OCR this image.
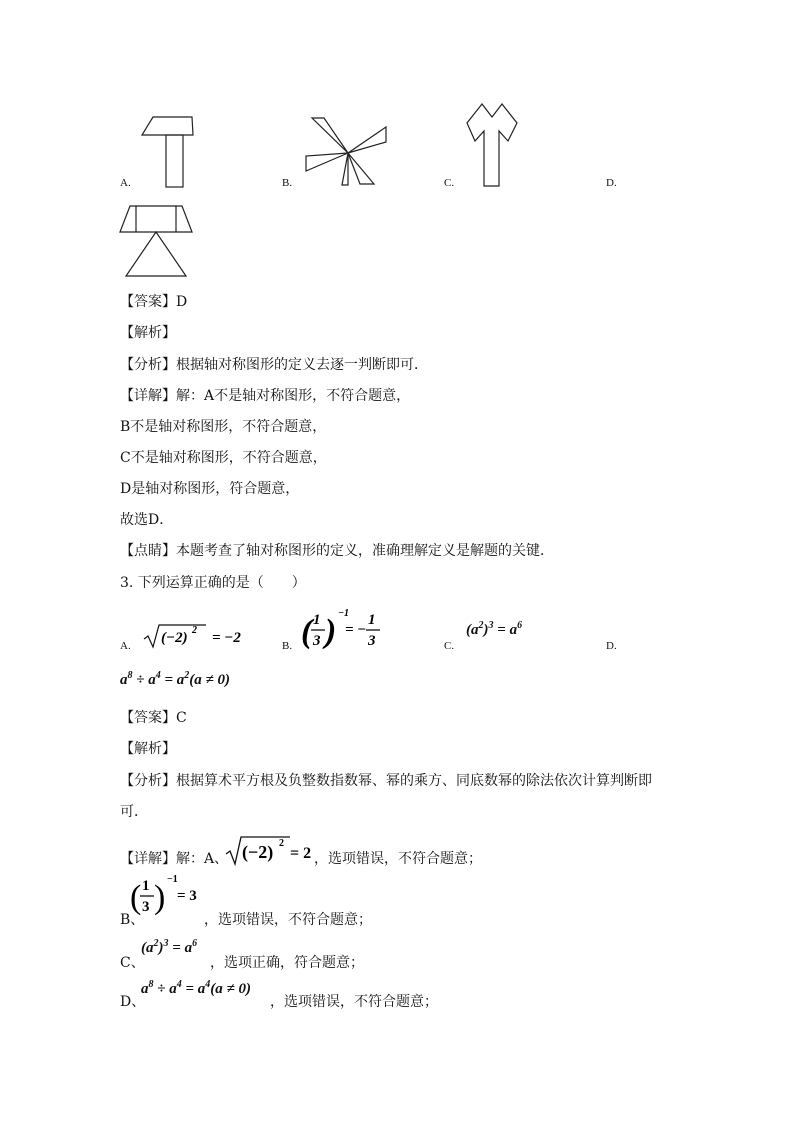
A.	B.	C.	D.
【答案】D
【解析】
【分析】根据轴对称图形的定义去逐一判断即可．
【详解】解：A不是轴对称图形，不符合题意，
B不是轴对称图形，不符合题意，
C不是轴对称图形，不符合题意，
D是轴对称图形，符合题意，
故选D．
【点睛】本题考查了轴对称图形的定义，准确理解定义是解题的关键．
3. 下列运算正确的是（　　）
A. (−2) 2 = −2	B. ( 1
3 ) −1
= −
1
3	C.
$(a^2)^3 = a^6$
D.
$a^8 \div a^4 = a^2(a \ne 0)$
【答案】C
【解析】
【分析】根据算术平方根及负整数指数幂、幂的乘方、同底数幂的除法依次计算判断即
可．
【详解】解：A、 (−2) 2
= 2 ，选项错误，不符合题意；
B、
( 1
3 ) −1
= 3
，选项错误，不符合题意；
C、
$(a^2)^3 = a^6$
，选项正确，符合题意；
D、
$a^8 \div a^4 = a^4(a \ne 0)$
，选项错误，不符合题意；
